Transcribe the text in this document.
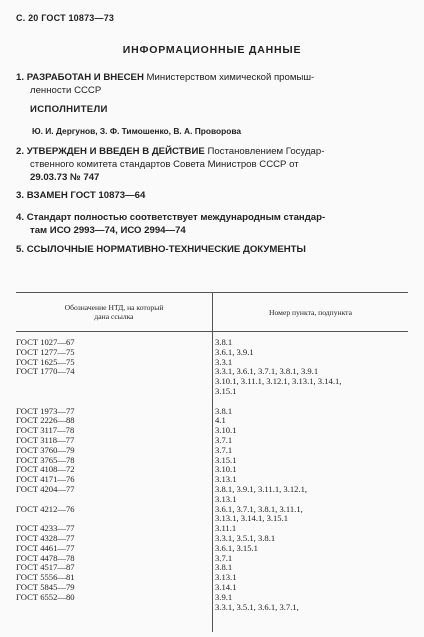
С. 20 ГОСТ 10873—73
ИНФОРМАЦИОННЫЕ ДАННЫЕ
1. РАЗРАБОТАН И ВНЕСЕН Министерством химической промыш-
ленности СССР
ИСПОЛНИТЕЛИ
Ю. И. Дергунов, З. Ф. Тимошенко, В. А. Проворова
2. УТВЕРЖДЕН И ВВЕДЕН В ДЕЙСТВИЕ Постановлением Государ-
ственного комитета стандартов Совета Министров СССР от
29.03.73 № 747
3. ВЗАМЕН ГОСТ 10873—64
4. Стандарт полностью соответствует международным стандар-
там ИСО 2993—74, ИСО 2994—74
5. ССЫЛОЧНЫЕ НОРМАТИВНО-ТЕХНИЧЕСКИЕ ДОКУМЕНТЫ
Обозначение НТД, на который
дана ссылка	Номер пункта, подпункта
ГОСТ 1027—67	3.8.1
ГОСТ 1277—75	3.6.1, 3.9.1
ГОСТ 1625—75	3.3.1
ГОСТ 1770—74	3.3.1, 3.6.1, 3.7.1, 3.8.1, 3.9.1
3.10.1, 3.11.1, 3.12.1, 3.13.1, 3.14.1,
3.15.1
ГОСТ 1973—77	3.8.1
ГОСТ 2226—88	4.1
ГОСТ 3117—78	3.10.1
ГОСТ 3118—77	3.7.1
ГОСТ 3760—79	3.7.1
ГОСТ 3765—78	3.15.1
ГОСТ 4108—72	3.10.1
ГОСТ 4171—76	3.13.1
ГОСТ 4204—77	3.8.1, 3.9.1, 3.11.1, 3.12.1,
3.13.1
ГОСТ 4212—76	3.6.1, 3.7.1, 3.8.1, 3.11.1,
3.13.1, 3.14.1, 3.15.1
ГОСТ 4233—77	3.11.1
ГОСТ 4328—77	3.3.1, 3.5.1, 3.8.1
ГОСТ 4461—77	3.6.1, 3.15.1
ГОСТ 4478—78	3.7.1
ГОСТ 4517—87	3.8.1
ГОСТ 5556—81	3.13.1
ГОСТ 5845—79	3.14.1
ГОСТ 6552—80	3.9.1
3.3.1, 3.5.1, 3.6.1, 3.7.1,
